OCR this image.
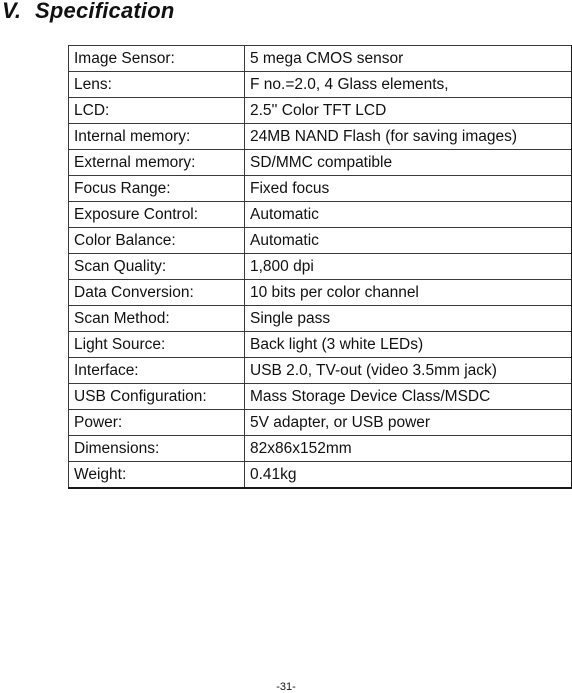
V. Specification
Image Sensor:	5 mega CMOS sensor
Lens:	F no.=2.0, 4 Glass elements,
LCD:	2.5'' Color TFT LCD
Internal memory:	24MB NAND Flash (for saving images)
External memory:	SD/MMC compatible
Focus Range:	Fixed focus
Exposure Control:	Automatic
Color Balance:	Automatic
Scan Quality:	1,800 dpi
Data Conversion:	10 bits per color channel
Scan Method:	Single pass
Light Source:	Back light (3 white LEDs)
Interface:	USB 2.0, TV-out (video 3.5mm jack)
USB Configuration:	Mass Storage Device Class/MSDC
Power:	5V adapter, or USB power
Dimensions:	82x86x152mm
Weight:	0.41kg
-31-
